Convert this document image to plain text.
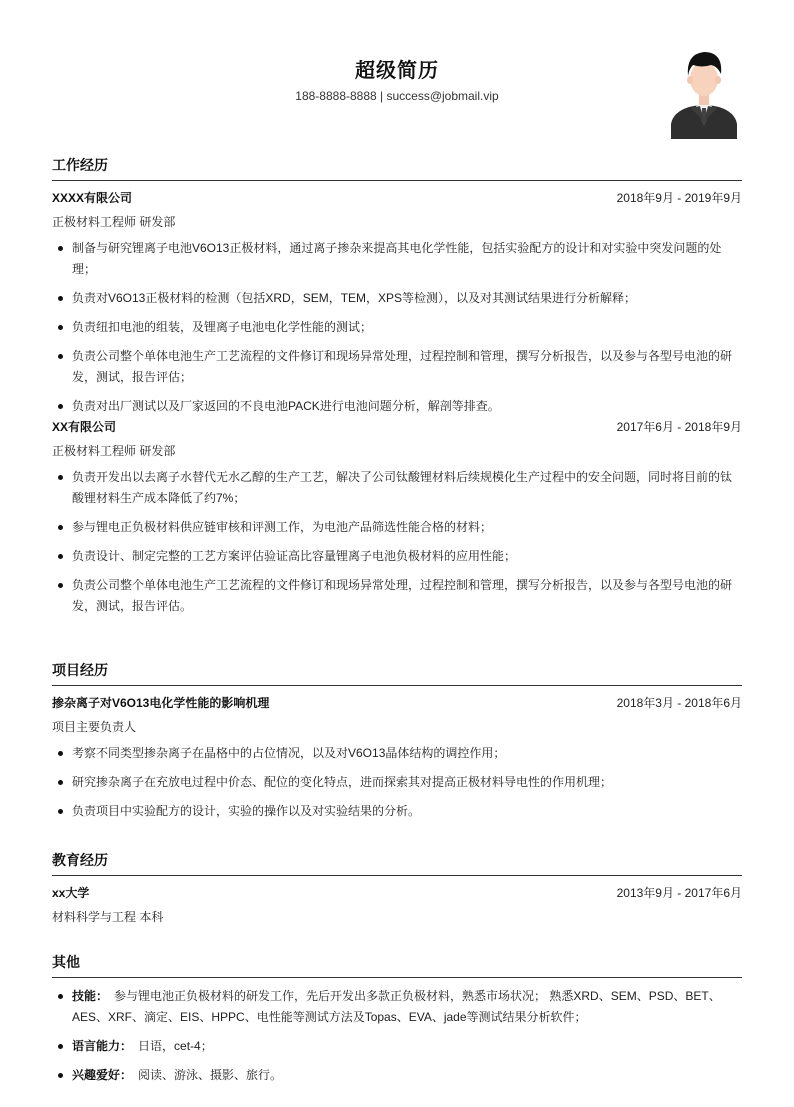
超级简历
188-8888-8888 | success@jobmail.vip
工作经历
XXXX有限公司	2018年9月 - 2019年9月
正极材料工程师 研发部
制备与研究锂离子电池V6O13正极材料，通过离子掺杂来提高其电化学性能，包括实验配方的设计和对实验中突发问题的处理；
负责对V6O13正极材料的检测（包括XRD，SEM，TEM，XPS等检测），以及对其测试结果进行分析解释；
负责纽扣电池的组装，及锂离子电池电化学性能的测试；
负责公司整个单体电池生产工艺流程的文件修订和现场异常处理，过程控制和管理，撰写分析报告，以及参与各型号电池的研发，测试，报告评估；
负责对出厂测试以及厂家返回的不良电池PACK进行电池问题分析，解剖等排查。
XX有限公司	2017年6月 - 2018年9月
正极材料工程师 研发部
负责开发出以去离子水替代无水乙醇的生产工艺，解决了公司钛酸锂材料后续规模化生产过程中的安全问题，同时将目前的钛酸锂材料生产成本降低了约7%；
参与锂电正负极材料供应链审核和评测工作，为电池产品筛选性能合格的材料；
负责设计、制定完整的工艺方案评估验证高比容量锂离子电池负极材料的应用性能；
负责公司整个单体电池生产工艺流程的文件修订和现场异常处理，过程控制和管理，撰写分析报告，以及参与各型号电池的研发，测试，报告评估。
项目经历
掺杂离子对V6O13电化学性能的影响机理	2018年3月 - 2018年6月
项目主要负责人
考察不同类型掺杂离子在晶格中的占位情况，以及对V6O13晶体结构的调控作用；
研究掺杂离子在充放电过程中价态、配位的变化特点，进而探索其对提高正极材料导电性的作用机理；
负责项目中实验配方的设计，实验的操作以及对实验结果的分析。
教育经历
xx大学	2013年9月 - 2017年6月
材料科学与工程 本科
其他
技能： 参与锂电池正负极材料的研发工作，先后开发出多款正负极材料，熟悉市场状况； 熟悉XRD、SEM、PSD、BET、AES、XRF、滴定、EIS、HPPC、电性能等测试方法及Topas、EVA、jade等测试结果分析软件；
语言能力： 日语，cet-4；
兴趣爱好： 阅读、游泳、摄影、旅行。
